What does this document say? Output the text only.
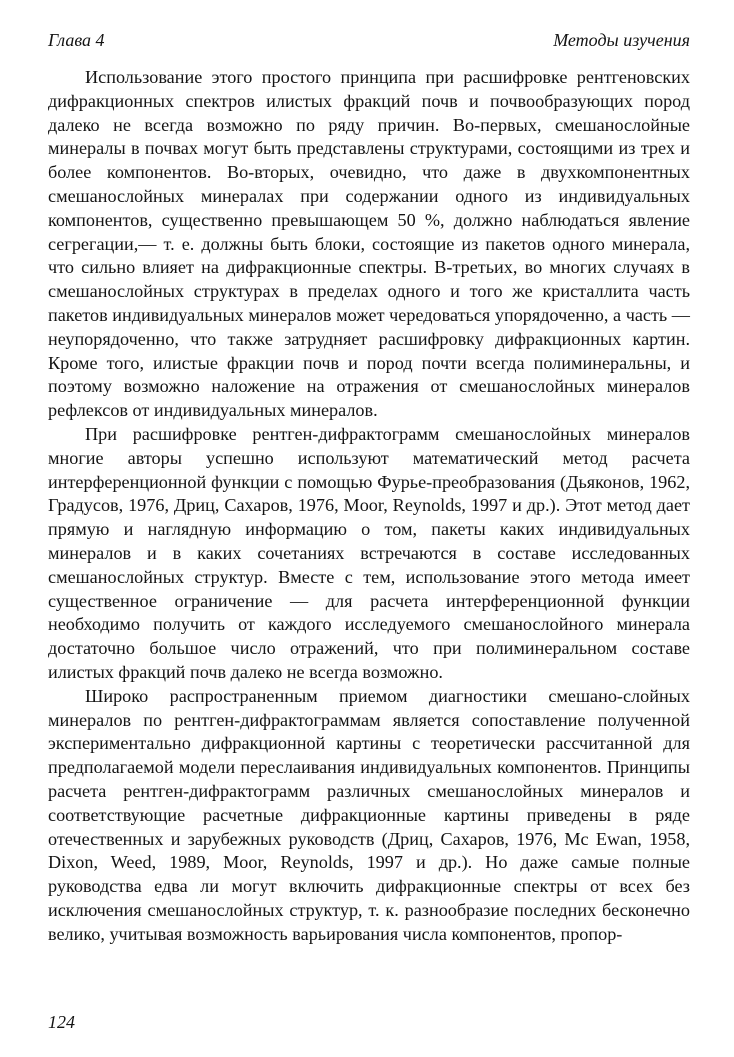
Глава 4	Методы изучения

Использование этого простого принципа при расшифровке рентгеновских дифракционных спектров илистых фракций почв и почвообразующих пород далеко не всегда возможно по ряду причин. Во-первых, смешанослойные минералы в почвах могут быть представлены структурами, состоящими из трех и более компонентов. Во-вторых, очевидно, что даже в двухкомпонентных смешанослойных минералах при содержании одного из индивидуальных компонентов, существенно превышающем 50 %, должно наблюдаться явление сегрегации,— т. е. должны быть блоки, состоящие из пакетов одного минерала, что сильно влияет на дифракционные спектры. В-третьих, во многих случаях в смешанослойных структурах в пределах одного и того же кристаллита часть пакетов индивидуальных минералов может чередоваться упорядоченно, а часть — неупорядоченно, что также затрудняет расшифровку дифракционных картин. Кроме того, илистые фракции почв и пород почти всегда полиминеральны, и поэтому возможно наложение на отражения от смешанослойных минералов рефлексов от индивидуальных минералов.

При расшифровке рентген-дифрактограмм смешанослойных минералов многие авторы успешно используют математический метод расчета интерференционной функции с помощью Фурье-преобразования (Дьяконов, 1962, Градусов, 1976, Дриц, Сахаров, 1976, Moor, Reynolds, 1997 и др.). Этот метод дает прямую и наглядную информацию о том, пакеты каких индивидуальных минералов и в каких сочетаниях встречаются в составе исследованных смешанослойных структур. Вместе с тем, использование этого метода имеет существенное ограничение — для расчета интерференционной функции необходимо получить от каждого исследуемого смешанослойного минерала достаточно большое число отражений, что при полиминеральном составе илистых фракций почв далеко не всегда возможно.

Широко распространенным приемом диагностики смешано-слойных минералов по рентген-дифрактограммам является сопоставление полученной экспериментально дифракционной картины с теоретически рассчитанной для предполагаемой модели переслаивания индивидуальных компонентов. Принципы расчета рентген-дифрактограмм различных смешанослойных минералов и соответствующие расчетные дифракционные картины приведены в ряде отечественных и зарубежных руководств (Дриц, Сахаров, 1976, Mc Ewan, 1958, Dixon, Weed, 1989, Moor, Reynolds, 1997 и др.). Но даже самые полные руководства едва ли могут включить дифракционные спектры от всех без исключения смешанослойных структур, т. к. разнообразие последних бесконечно велико, учитывая возможность варьирования числа компонентов, пропор-

124
